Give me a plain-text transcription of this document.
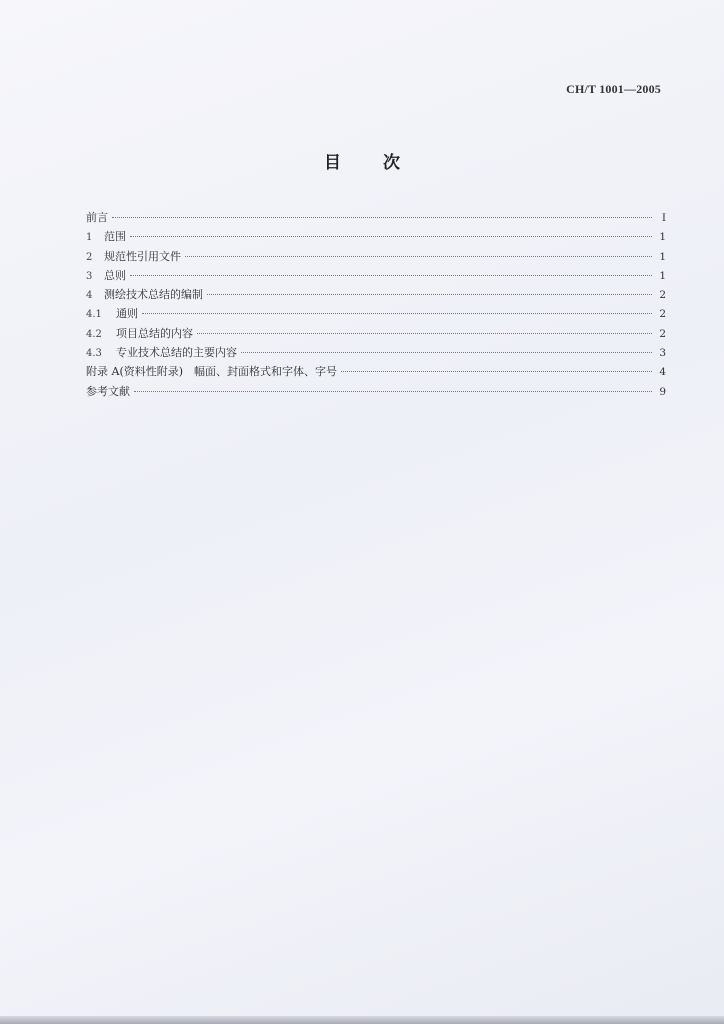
CH/T 1001—2005
目 次
前言	Ⅰ
1 范围	1
2 规范性引用文件	1
3 总则	1
4 测绘技术总结的编制	2
4.1 通则	2
4.2 项目总结的内容	2
4.3 专业技术总结的主要内容	3
附录 A(资料性附录)　幅面、封面格式和字体、字号	4
参考文献	9
